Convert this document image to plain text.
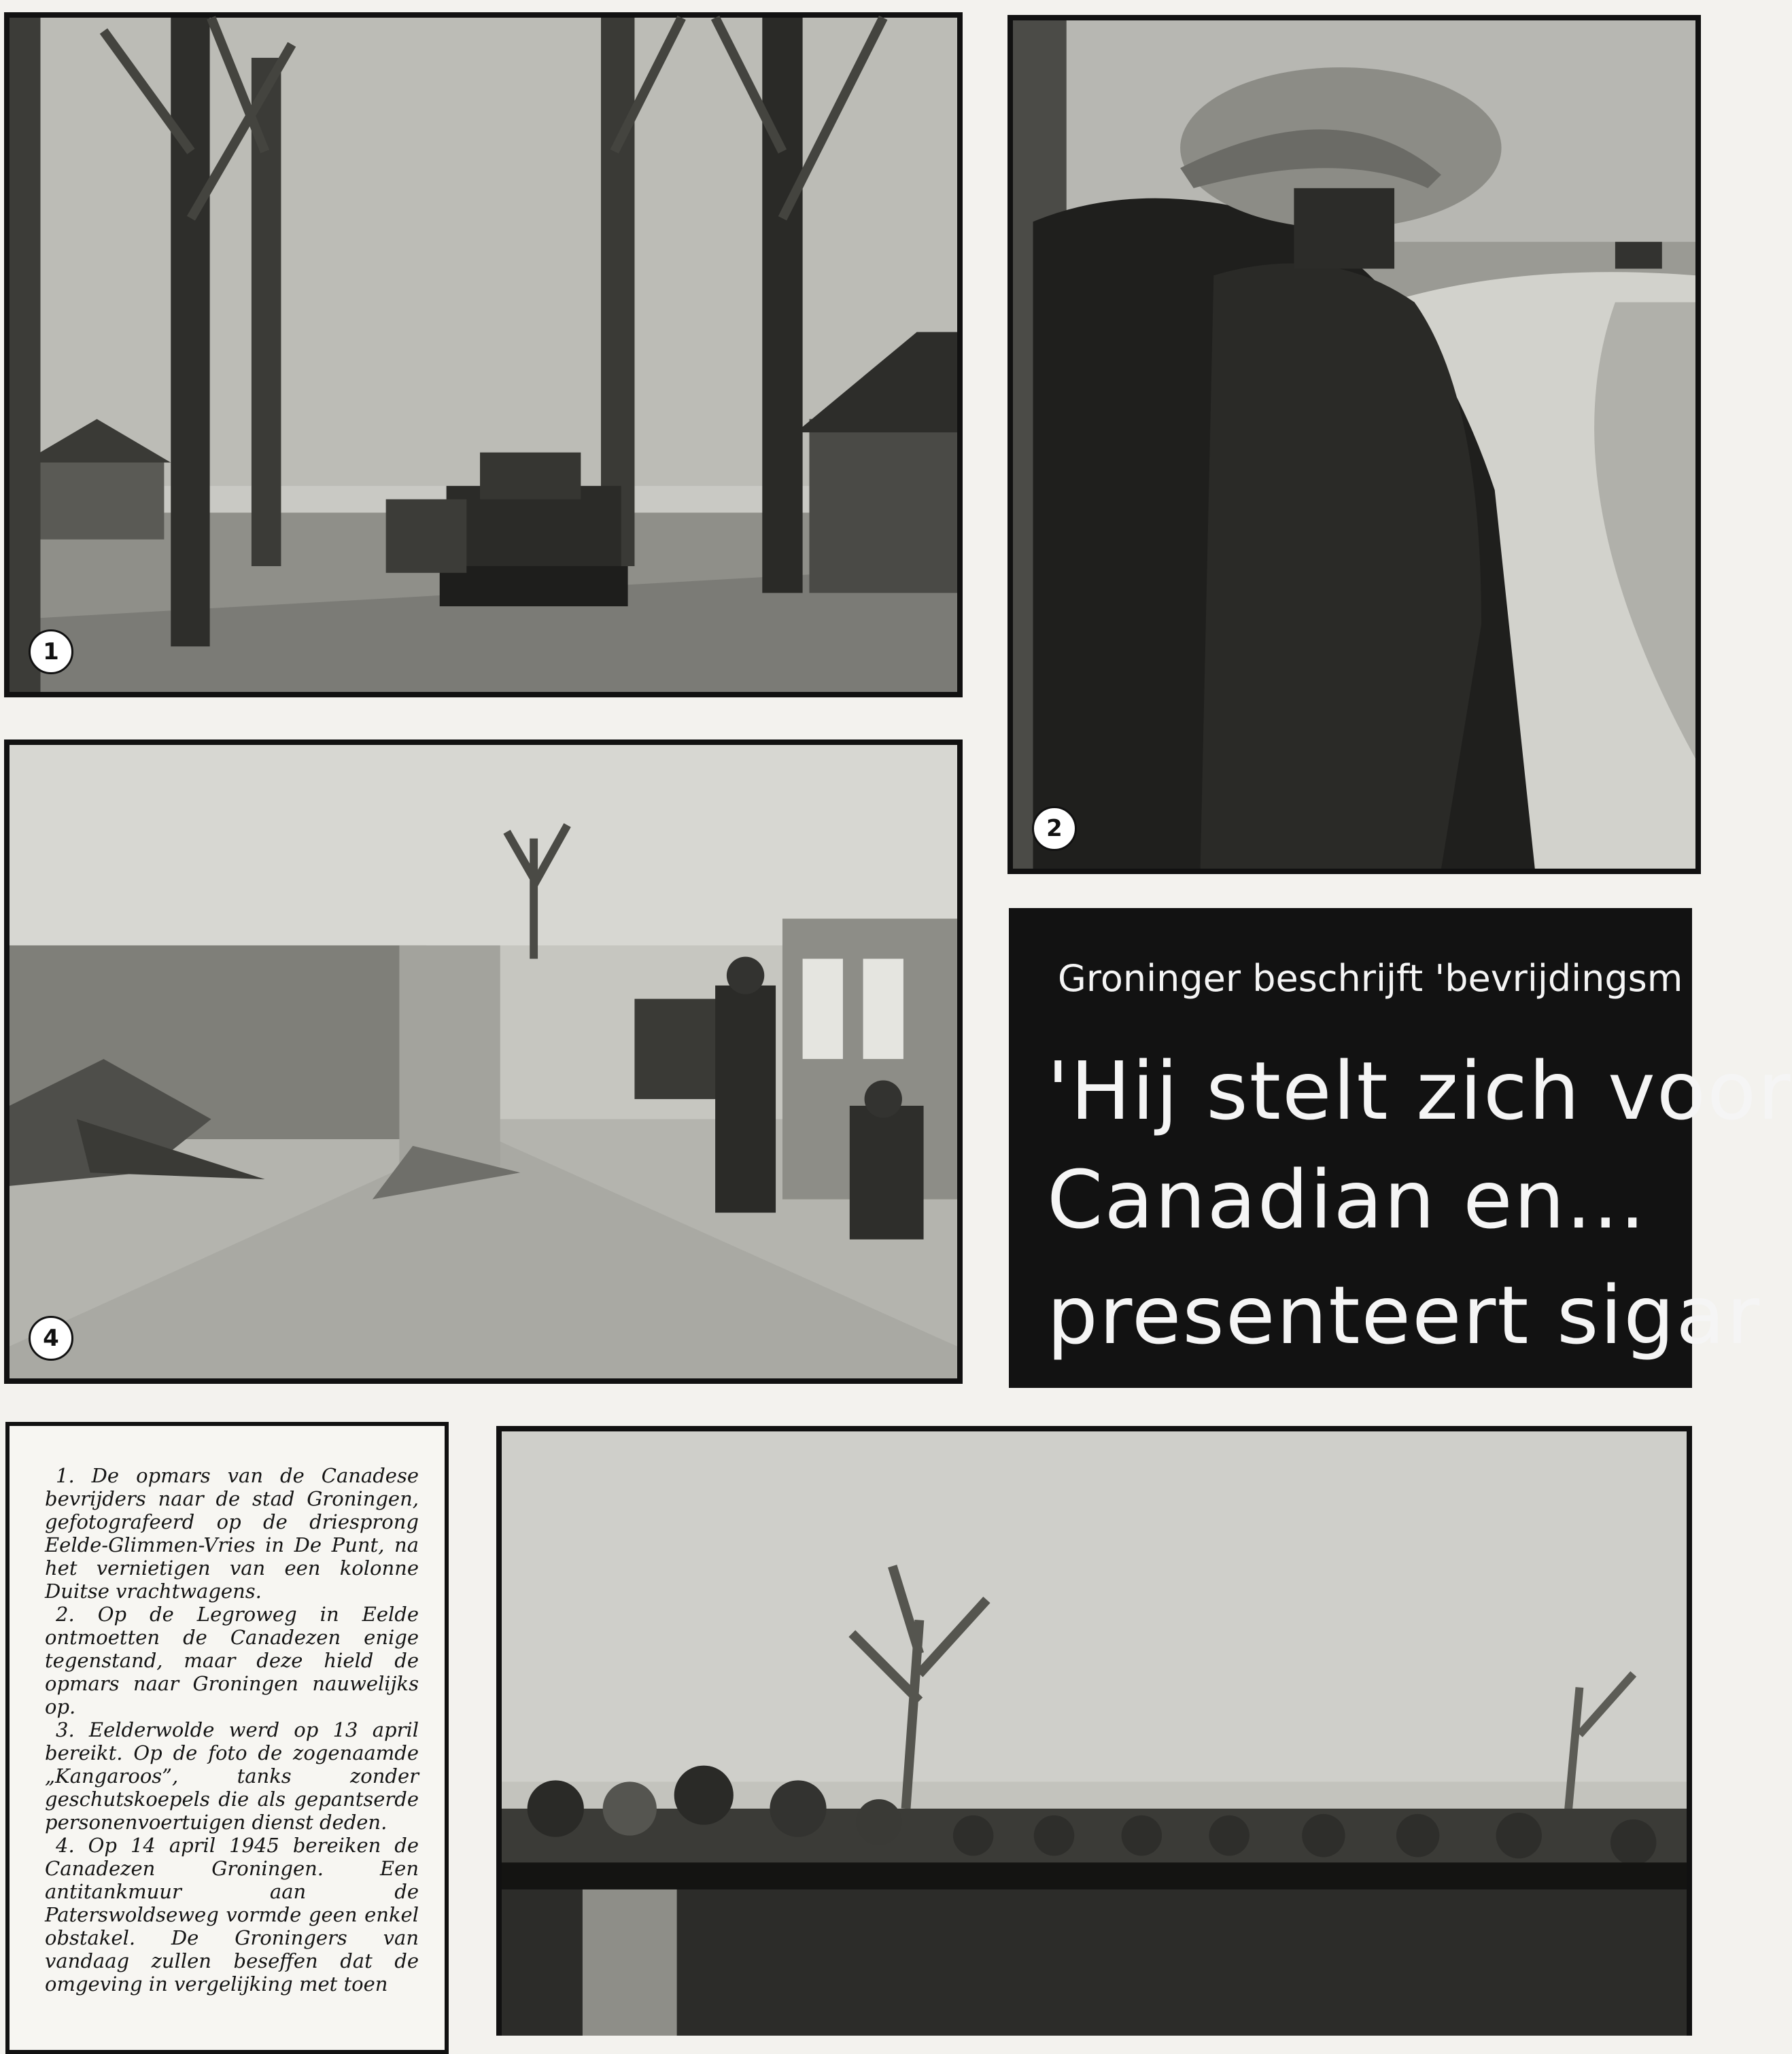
1
2
4
Groninger beschrijft 'bevrijdingsm
'Hij stelt zich voor
Canadian en...
presenteert sigar

1. De opmars van de Canadese bevrijders naar de stad Groningen, gefotografeerd op de driesprong Eelde-Glimmen-Vries in De Punt, na het vernietigen van een kolonne Duitse vrachtwagens.

2. Op de Legroweg in Eelde ontmoetten de Canadezen enige tegenstand, maar deze hield de opmars naar Groningen nauwelijks op.

3. Eelderwolde werd op 13 april bereikt. Op de foto de zogenaamde „Kangaroos”, tanks zonder geschutskoepels die als gepantserde personenvoertuigen dienst deden.

4. Op 14 april 1945 bereiken de Canadezen Groningen. Een antitankmuur aan de Paterswoldseweg vormde geen enkel obstakel. De Groningers van vandaag zullen beseffen dat de omgeving in vergelijking met toen
